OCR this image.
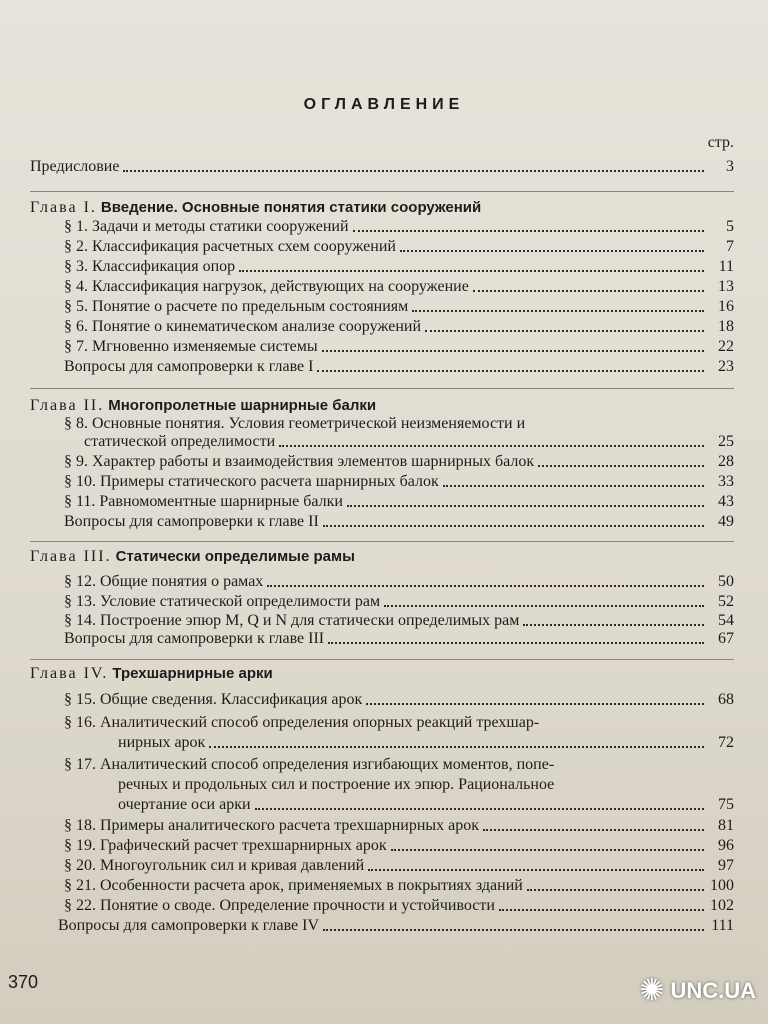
ОГЛАВЛЕНИЕ
стр.
Предисловие	3
Глава I. Введение. Основные понятия статики сооружений
§ 1. Задачи и методы статики сооружений	5
§ 2. Классификация расчетных схем сооружений	7
§ 3. Классификация опор	11
§ 4. Классификация нагрузок, действующих на сооружение	13
§ 5. Понятие о расчете по предельным состояниям	16
§ 6. Понятие о кинематическом анализе сооружений	18
§ 7. Мгновенно изменяемые системы	22
Вопросы для самопроверки к главе I	23
Глава II. Многопролетные шарнирные балки
§ 8. Основные понятия. Условия геометрической неизменяемости и
статической определимости	25
§ 9. Характер работы и взаимодействия элементов шарнирных балок	28
§ 10. Примеры статического расчета шарнирных балок	33
§ 11. Равномоментные шарнирные балки	43
Вопросы для самопроверки к главе II	49
Глава III. Статически определимые рамы
§ 12. Общие понятия о рамах	50
§ 13. Условие статической определимости рам	52
§ 14. Построение эпюр M, Q и N для статически определимых рам	54
Вопросы для самопроверки к главе III	67
Глава IV. Трехшарнирные арки
§ 15. Общие сведения. Классификация арок	68
§ 16. Аналитический способ определения опорных реакций трехшар-
нирных арок	72
§ 17. Аналитический способ определения изгибающих моментов, попе-
речных и продольных сил и построение их эпюр. Рациональное
очертание оси арки	75
§ 18. Примеры аналитического расчета трехшарнирных арок	81
§ 19. Графический расчет трехшарнирных арок	96
§ 20. Многоугольник сил и кривая давлений	97
§ 21. Особенности расчета арок, применяемых в покрытиях зданий	100
§ 22. Понятие о своде. Определение прочности и устойчивости	102
Вопросы для самопроверки к главе IV	111
370	✺ UNC.UA
